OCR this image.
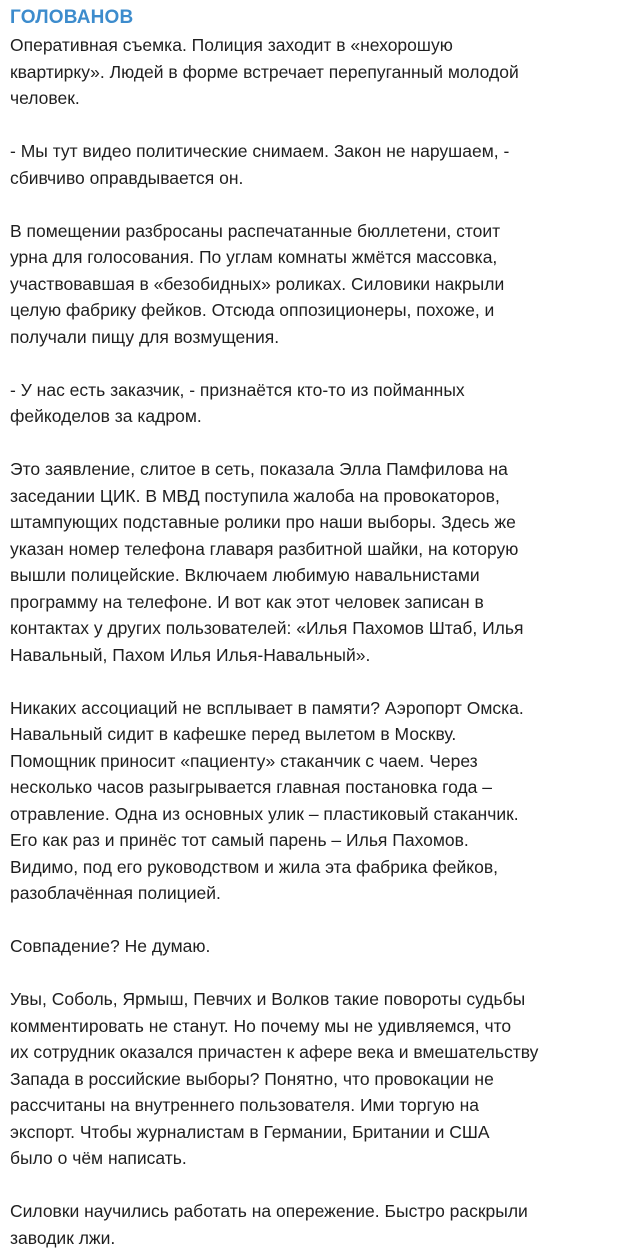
ГОЛОВАНОВ

Оперативная съемка. Полиция заходит в «нехорошую
квартирку». Людей в форме встречает перепуганный молодой
человек.

- Мы тут видео политические снимаем. Закон не нарушаем, -
сбивчиво оправдывается он.

В помещении разбросаны распечатанные бюллетени, стоит
урна для голосования. По углам комнаты жмётся массовка,
участвовавшая в «безобидных» роликах. Силовики накрыли
целую фабрику фейков. Отсюда оппозиционеры, похоже, и
получали пищу для возмущения.

- У нас есть заказчик, - признаётся кто-то из пойманных
фейкоделов за кадром.

Это заявление, слитое в сеть, показала Элла Памфилова на
заседании ЦИК. В МВД поступила жалоба на провокаторов,
штампующих подставные ролики про наши выборы. Здесь же
указан номер телефона главаря разбитной шайки, на которую
вышли полицейские. Включаем любимую навальнистами
программу на телефоне. И вот как этот человек записан в
контактах у других пользователей: «Илья Пахомов Штаб, Илья
Навальный, Пахом Илья Илья-Навальный».

Никаких ассоциаций не всплывает в памяти? Аэропорт Омска.
Навальный сидит в кафешке перед вылетом в Москву.
Помощник приносит «пациенту» стаканчик с чаем. Через
несколько часов разыгрывается главная постановка года –
отравление. Одна из основных улик – пластиковый стаканчик.
Его как раз и принёс тот самый парень – Илья Пахомов.
Видимо, под его руководством и жила эта фабрика фейков,
разоблачённая полицией.

Совпадение? Не думаю.

Увы, Соболь, Ярмыш, Певчих и Волков такие повороты судьбы
комментировать не станут. Но почему мы не удивляемся, что
их сотрудник оказался причастен к афере века и вмешательству
Запада в российские выборы? Понятно, что провокации не
рассчитаны на внутреннего пользователя. Ими торгую на
экспорт. Чтобы журналистам в Германии, Британии и США
было о чём написать.

Силовки научились работать на опережение. Быстро раскрыли
заводик лжи.
